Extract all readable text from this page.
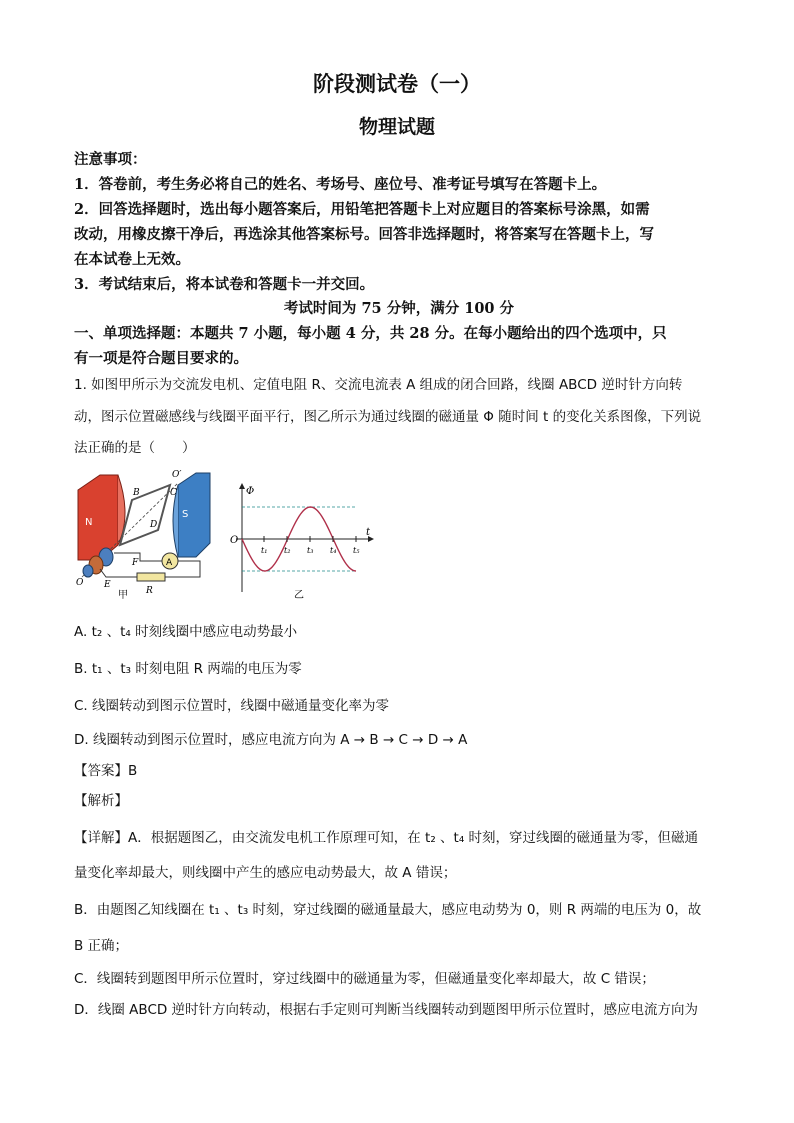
阶段测试卷（一）
物理试题
注意事项：
1．答卷前，考生务必将自己的姓名、考场号、座位号、准考证号填写在答题卡上。
2．回答选择题时，选出每小题答案后，用铅笔把答题卡上对应题目的答案标号涂黑，如需
改动，用橡皮擦干净后，再选涂其他答案标号。回答非选择题时，将答案写在答题卡上，写
在本试卷上无效。
3．考试结束后，将本试卷和答题卡一并交回。
考试时间为 75 分钟，满分 100 分
一、单项选择题：本题共 7 小题，每小题 4 分，共 28 分。在每小题给出的四个选项中，只
有一项是符合题目要求的。
1. 如图甲所示为交流发电机、定值电阻 R、交流电流表 A 组成的闭合回路，线圈 ABCD 逆时针方向转
动，图示位置磁感线与线圈平面平行，图乙所示为通过线圈的磁通量 Φ 随时间 t 的变化关系图像，下列说
法正确的是（　　）
N
S
B	C
D
O′
A
F
E
R
O
甲
Φ
t
O
t₁ t₂ t₃ t₄ t₅
乙
A. t₂ 、t₄ 时刻线圈中感应电动势最小
B. t₁ 、t₃ 时刻电阻 R 两端的电压为零
C. 线圈转动到图示位置时，线圈中磁通量变化率为零
D. 线圈转动到图示位置时，感应电流方向为 A → B → C → D → A
【答案】B
【解析】
【详解】A．根据题图乙，由交流发电机工作原理可知，在 t₂ 、t₄ 时刻，穿过线圈的磁通量为零，但磁通
量变化率却最大，则线圈中产生的感应电动势最大，故 A 错误；
B．由题图乙知线圈在 t₁ 、t₃ 时刻，穿过线圈的磁通量最大，感应电动势为 0，则 R 两端的电压为 0，故
B 正确；
C．线圈转到题图甲所示位置时，穿过线圈中的磁通量为零，但磁通量变化率却最大，故 C 错误；
D．线圈 ABCD 逆时针方向转动，根据右手定则可判断当线圈转动到题图甲所示位置时，感应电流方向为
